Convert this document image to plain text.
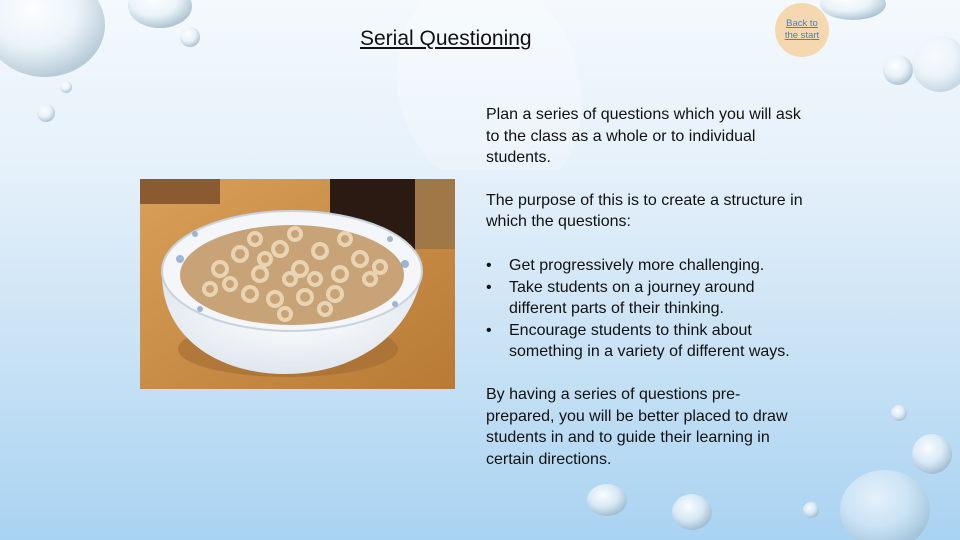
Serial Questioning
Back to the start

Plan a series of questions which you will ask to the class as a whole or to individual students.

The purpose of this is to create a structure in which the questions:

• Get progressively more challenging.
• Take students on a journey around different parts of their thinking.
• Encourage students to think about something in a variety of different ways.

By having a series of questions pre-prepared, you will be better placed to draw students in and to guide their learning in certain directions.
